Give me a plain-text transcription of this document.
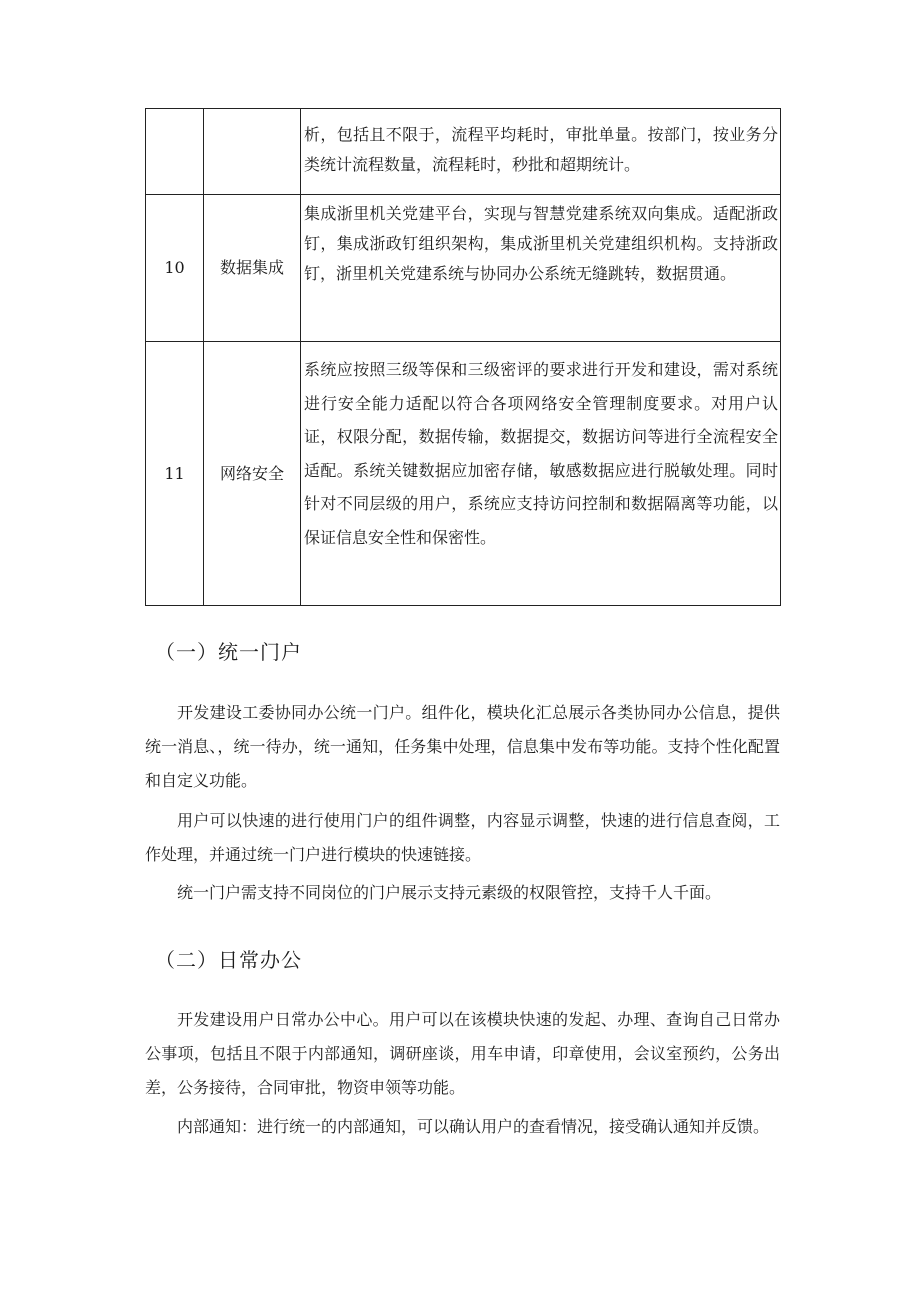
		析，包括且不限于，流程平均耗时，审批单量。按部门，按业务分类统计流程数量，流程耗时，秒批和超期统计。
10	数据集成	集成浙里机关党建平台，实现与智慧党建系统双向集成。适配浙政钉，集成浙政钉组织架构，集成浙里机关党建组织机构。支持浙政钉，浙里机关党建系统与协同办公系统无缝跳转，数据贯通。
11	网络安全	系统应按照三级等保和三级密评的要求进行开发和建设，需对系统进行安全能力适配以符合各项网络安全管理制度要求。对用户认证，权限分配，数据传输，数据提交，数据访问等进行全流程安全适配。系统关键数据应加密存储，敏感数据应进行脱敏处理。同时针对不同层级的用户，系统应支持访问控制和数据隔离等功能，以保证信息安全性和保密性。
（一）统一门户

开发建设工委协同办公统一门户。组件化，模块化汇总展示各类协同办公信息，提供统一消息、，统一待办，统一通知，任务集中处理，信息集中发布等功能。支持个性化配置和自定义功能。

用户可以快速的进行使用门户的组件调整，内容显示调整，快速的进行信息查阅，工作处理，并通过统一门户进行模块的快速链接。

统一门户需支持不同岗位的门户展示支持元素级的权限管控，支持千人千面。

（二）日常办公

开发建设用户日常办公中心。用户可以在该模块快速的发起、办理、查询自己日常办公事项，包括且不限于内部通知，调研座谈，用车申请，印章使用，会议室预约，公务出差，公务接待，合同审批，物资申领等功能。

内部通知：进行统一的内部通知，可以确认用户的查看情况，接受确认通知并反馈。
